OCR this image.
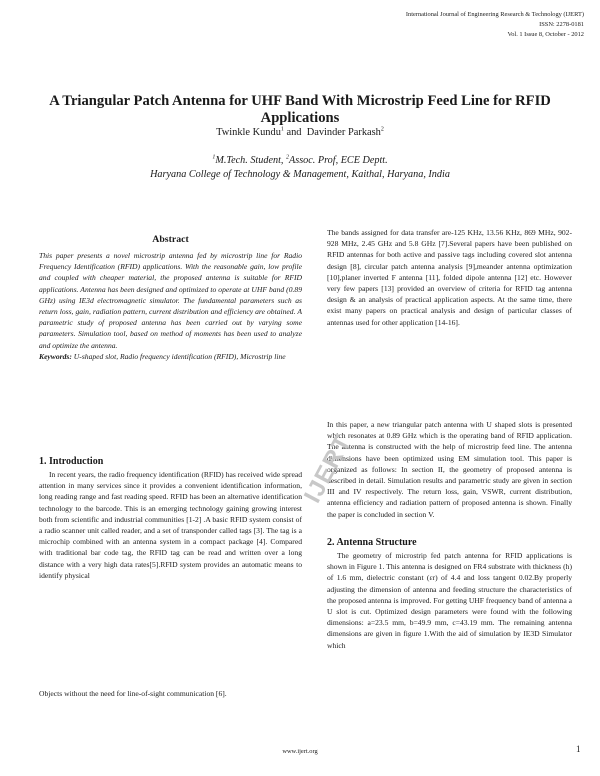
International Journal of Engineering Research & Technology (IJERT)
ISSN: 2278-0181
Vol. 1 Issue 8, October - 2012
A Triangular Patch Antenna for UHF Band With Microstrip Feed Line for RFID Applications
Twinkle Kundu$^1$ and  Davinder Parkash$^2$
$^1$M.Tech. Student, $^2$Assoc. Prof, ECE Deptt.
Haryana College of Technology & Management, Kaithal, Haryana, India
Abstract

This paper presents a novel microstrip antenna fed by microstrip line for Radio Frequency Identification (RFID) applications. With the reasonable gain, low profile and coupled with cheaper material, the proposed antenna is suitable for RFID applications. Antenna has been designed and optimized to operate at UHF band (0.89 GHz) using IE3d electromagnetic simulator. The fundamental parameters such as return loss, gain, radiation pattern, current distribution and efficiency are obtained. A parametric study of proposed antenna has been carried out by varying some parameters. Simulation tool, based on method of moments has been used to analyze and optimize the antenna.

Keywords: U-shaped slot, Radio frequency identification (RFID), Microstrip line

1. Introduction

In recent years, the radio frequency identification (RFID) has received wide spread attention in many services since it provides a convenient identification information, long reading range and fast reading speed. RFID has been an alternative identification technology to the barcode. This is an emerging technology gaining growing interest both from scientific and industrial communities [1-2] .A basic RFID system consist of a radio scanner unit called reader, and a set of transponder called tags [3]. The tag is a microchip combined with an antenna system in a compact package [4]. Compared with traditional bar code tag, the RFID tag can be read and written over a long distance with a very high data rates[5].RFID system provides an automatic means to identify physical

Objects without the need for line-of-sight communication [6].

The bands assigned for data transfer are-125 KHz, 13.56 KHz, 869 MHz, 902-928 MHz, 2.45 GHz and 5.8 GHz [7].Several papers have been published on RFID antennas for both active and passive tags including covered slot antenna design [8], circular patch antenna analysis [9],meander antenna optimization [10],planer inverted F antenna [11], folded dipole antenna [12] etc. However very few papers [13] provided an overview of criteria for RFID tag antenna design & an analysis of practical application aspects. At the same time, there exist many papers on practical analysis and design of particular classes of antennas used for other application [14-16].

In this paper, a new triangular patch antenna with U shaped slots is presented which resonates at 0.89 GHz which is the operating band of RFID application. The antenna is constructed with the help of microstrip feed line. The antenna dimensions have been optimized using EM simulation tool. This paper is organized as follows: In section II, the geometry of proposed antenna is described in detail. Simulation results and parametric study are given in section III and IV respectively. The return loss, gain, VSWR, current distribution, antenna efficiency and radiation pattern of proposed antenna is shown. Finally the paper is concluded in section V.

2. Antenna Structure

The geometry of microstrip fed patch antenna for RFID applications is shown in Figure 1. This antenna is designed on FR4 substrate with thickness (h) of 1.6 mm, dielectric constant (εr) of 4.4 and loss tangent 0.02.By properly adjusting the dimension of antenna and feeding structure the characteristics of the proposed antenna is improved. For getting UHF frequency band of antenna a U slot is cut. Optimized design parameters were found with the following dimensions: a=23.5 mm, b=49.9 mm, c=43.19 mm. The remaining antenna dimensions are given in figure 1.With the aid of simulation by IE3D Simulator which

IJERT
www.ijert.org	1
